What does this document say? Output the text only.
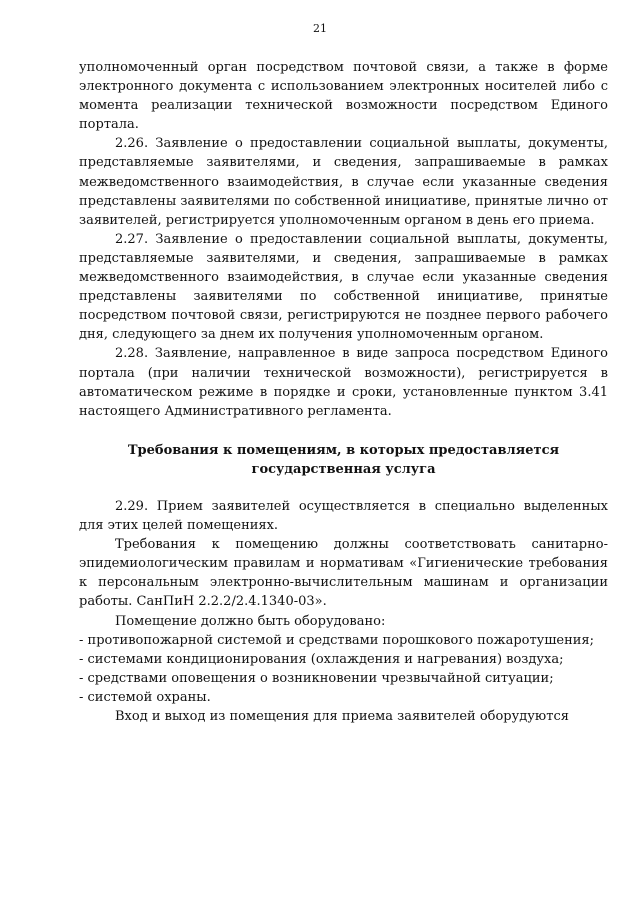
21

уполномоченный орган посредством почтовой связи, а также в форме электронного документа с использованием электронных носителей либо с момента реализации технической возможности посредством Единого портала.

2.26. Заявление о предоставлении социальной выплаты, документы, представляемые заявителями, и сведения, запрашиваемые в рамках межведомственного взаимодействия, в случае если указанные сведения представлены заявителями по собственной инициативе, принятые лично от заявителей, регистрируется уполномоченным органом в день его приема.

2.27. Заявление о предоставлении социальной выплаты, документы, представляемые заявителями, и сведения, запрашиваемые в рамках межведомственного взаимодействия, в случае если указанные сведения представлены заявителями по собственной инициативе, принятые посредством почтовой связи, регистрируются не позднее первого рабочего дня, следующего за днем их получения уполномоченным органом.

2.28. Заявление, направленное в виде запроса посредством Единого портала (при наличии технической возможности), регистрируется в автоматическом режиме в порядке и сроки, установленные пунктом 3.41 настоящего Административного регламента.

Требования к помещениям, в которых предоставляется

государственная услуга

2.29. Прием заявителей осуществляется в специально выделенных для этих целей помещениях.

Требования к помещению должны соответствовать санитарно-эпидемиологическим правилам и нормативам «Гигиенические требования к персональным электронно-вычислительным машинам и организации работы. СанПиН 2.2.2/2.4.1340-03».

Помещение должно быть оборудовано:

- противопожарной системой и средствами порошкового пожаротушения;

- системами кондиционирования (охлаждения и нагревания) воздуха;

- средствами оповещения о возникновении чрезвычайной ситуации;

- системой охраны.

Вход и выход из помещения для приема заявителей оборудуются
